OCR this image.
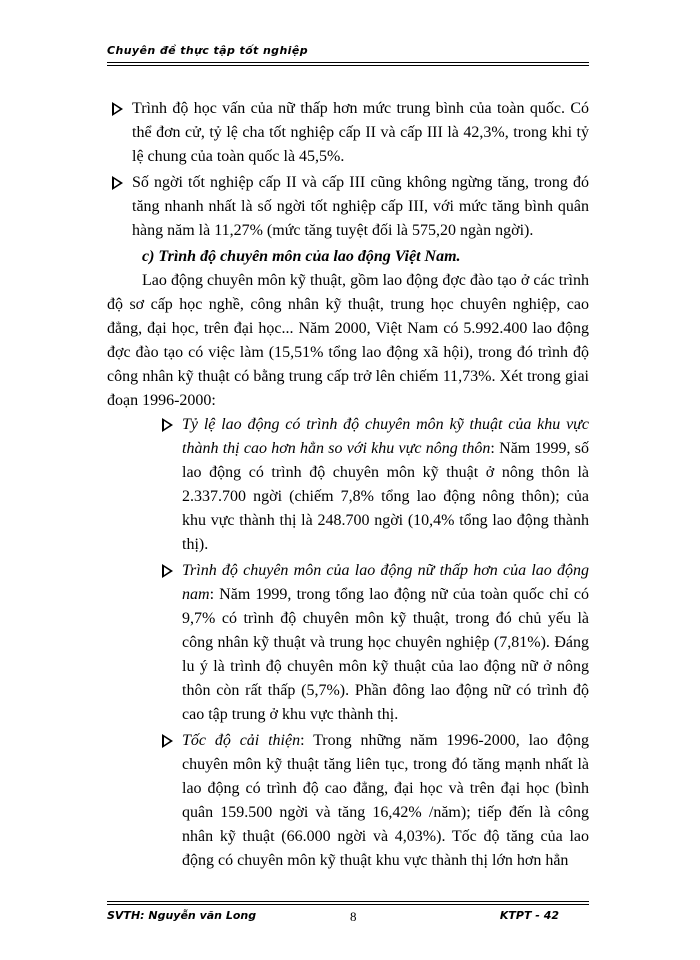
Chuyên đề thực tập tốt nghiệp
Trình độ học vấn của nữ thấp hơn mức trung bình của toàn quốc. Có thể đơn cử, tỷ lệ cha tốt nghiệp cấp II và cấp III là 42,3%, trong khi tỷ lệ chung của toàn quốc là 45,5%.
Số ngời tốt nghiệp cấp II và cấp III cũng không ngừng tăng, trong đó tăng nhanh nhất là số ngời tốt nghiệp cấp III, với mức tăng bình quân hàng năm là 11,27% (mức tăng tuyệt đối là 575,20 ngàn ngời).
c) Trình độ chuyên môn của lao động Việt Nam.
Lao động chuyên môn kỹ thuật, gồm lao động đợc đào tạo ở các trình độ sơ cấp học nghề, công nhân kỹ thuật, trung học chuyên nghiệp, cao đẳng, đại học, trên đại học... Năm 2000, Việt Nam có 5.992.400 lao động đợc đào tạo có việc làm (15,51% tổng lao động xã hội), trong đó trình độ công nhân kỹ thuật có bằng trung cấp trở lên chiếm 11,73%. Xét trong giai đoạn 1996-2000:
Tỷ lệ lao động có trình độ chuyên môn kỹ thuật của khu vực thành thị cao hơn hẳn so với khu vực nông thôn: Năm 1999, số lao động có trình độ chuyên môn kỹ thuật ở nông thôn là 2.337.700 ngời (chiếm 7,8% tổng lao động nông thôn); của khu vực thành thị là 248.700 ngời (10,4% tổng lao động thành thị).
Trình độ chuyên môn của lao động nữ thấp hơn của lao động nam: Năm 1999, trong tổng lao động nữ của toàn quốc chỉ có 9,7% có trình độ chuyên môn kỹ thuật, trong đó chủ yếu là công nhân kỹ thuật và trung học chuyên nghiệp (7,81%). Đáng lu ý là trình độ chuyên môn kỹ thuật của lao động nữ ở nông thôn còn rất thấp (5,7%). Phần đông lao động nữ có trình độ cao tập trung ở khu vực thành thị.
Tốc độ cải thiện: Trong những năm 1996-2000, lao động chuyên môn kỹ thuật tăng liên tục, trong đó tăng mạnh nhất là lao động có trình độ cao đẳng, đại học và trên đại học (bình quân 159.500 ngời và tăng 16,42% /năm); tiếp đến là công nhân kỹ thuật (66.000 ngời và 4,03%). Tốc độ tăng của lao động có chuyên môn kỹ thuật khu vực thành thị lớn hơn hẳn
SVTH: Nguyễn văn Long	8	KTPT - 42
